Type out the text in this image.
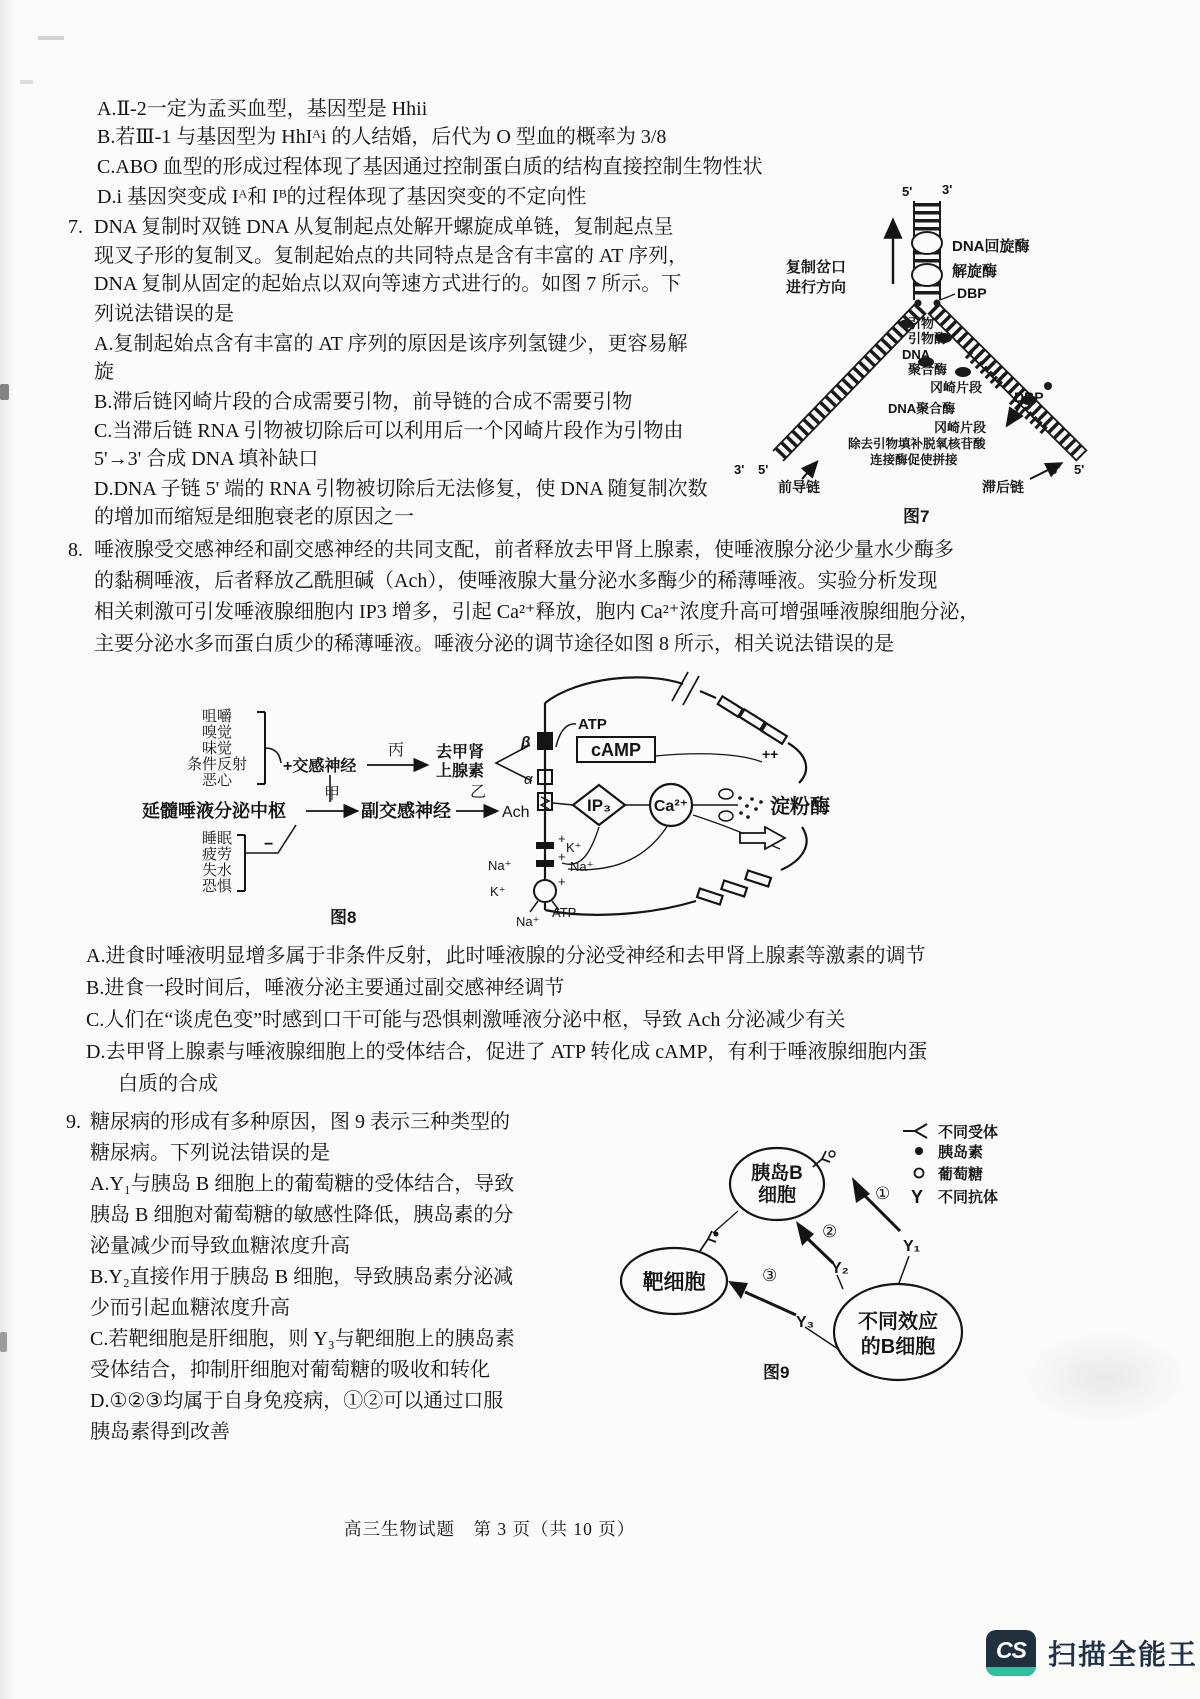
A.Ⅱ-2一定为孟买血型，基因型是 Hhii
B.若Ⅲ-1 与基因型为 HhIᴬi 的人结婚，后代为 O 型血的概率为 3/8
C.ABO 血型的形成过程体现了基因通过控制蛋白质的结构直接控制生物性状
D.i 基因突变成 Iᴬ和 Iᴮ的过程体现了基因突变的不定向性
7. DNA 复制时双链 DNA 从复制起点处解开螺旋成单链，复制起点呈
现叉子形的复制叉。复制起始点的共同特点是含有丰富的 AT 序列，
DNA 复制从固定的起始点以双向等速方式进行的。如图 7 所示。下
列说法错误的是
A.复制起始点含有丰富的 AT 序列的原因是该序列氢键少，更容易解
旋
B.滞后链冈崎片段的合成需要引物，前导链的合成不需要引物
C.当滞后链 RNA 引物被切除后可以利用后一个冈崎片段作为引物由
5'→3' 合成 DNA 填补缺口
D.DNA 子链 5' 端的 RNA 引物被切除后无法修复，使 DNA 随复制次数
的增加而缩短是细胞衰老的原因之一
5' 3'
复制岔口
进行方向
DNA回旋酶
解旋酶
DBP
引物
引物酶
DNA
聚合酶
冈崎片段
DNA聚合酶
DBP
冈崎片段
除去引物填补脱氧核苷酸
连接酶促使拼接
3' 5'
前导链	滞后链
3' 5'
图7
8. 唾液腺受交感神经和副交感神经的共同支配，前者释放去甲肾上腺素，使唾液腺分泌少量水少酶多
的黏稠唾液，后者释放乙酰胆碱（Ach），使唾液腺大量分泌水多酶少的稀薄唾液。实验分析发现
相关刺激可引发唾液腺细胞内 IP3 增多，引起 Ca²⁺释放，胞内 Ca²⁺浓度升高可增强唾液腺细胞分泌，
主要分泌水多而蛋白质少的稀薄唾液。唾液分泌的调节途径如图 8 所示，相关说法错误的是
A.进食时唾液明显增多属于非条件反射，此时唾液腺的分泌受神经和去甲肾上腺素等激素的调节
B.进食一段时间后，唾液分泌主要通过副交感神经调节
C.人们在“谈虎色变”时感到口干可能与恐惧刺激唾液分泌中枢，导致 Ach 分泌减少有关
D.去甲肾上腺素与唾液腺细胞上的受体结合，促进了 ATP 转化成 cAMP，有利于唾液腺细胞内蛋
白质的合成
咀嚼
嗅觉
味觉
条件反射
恶心
睡眠
疲劳
失水
恐惧
−
+交感神经
丙 去甲肾
上腺素
延髓唾液分泌中枢
甲
副交感神经
乙
Ach
β
α
ATP
cAMP
IP₃	Ca²⁺
++
淀粉酶
+
K⁺
+
Na⁺	Na⁺
+
K⁺
ATP
Na⁺
图8
9. 糖尿病的形成有多种原因，图 9 表示三种类型的
糖尿病。下列说法错误的是
A.Y₁与胰岛 B 细胞上的葡萄糖的受体结合，导致
胰岛 B 细胞对葡萄糖的敏感性降低，胰岛素的分
泌量减少而导致血糖浓度升高
B.Y₂直接作用于胰岛 B 细胞，导致胰岛素分泌减
少而引起血糖浓度升高
C.若靶细胞是肝细胞，则 Y₃与靶细胞上的胰岛素
受体结合，抑制肝细胞对葡萄糖的吸收和转化
D.①②③均属于自身免疫病，①②可以通过口服
胰岛素得到改善
Y
不同受体
胰岛素
葡萄糖
不同抗体
胰岛B
细胞
靶细胞
不同效应
的B细胞
①
Y₁
②
Y₂
③
Y₃
图9
高三生物试题　第 3 页（共 10 页）
CS 扫描全能王
